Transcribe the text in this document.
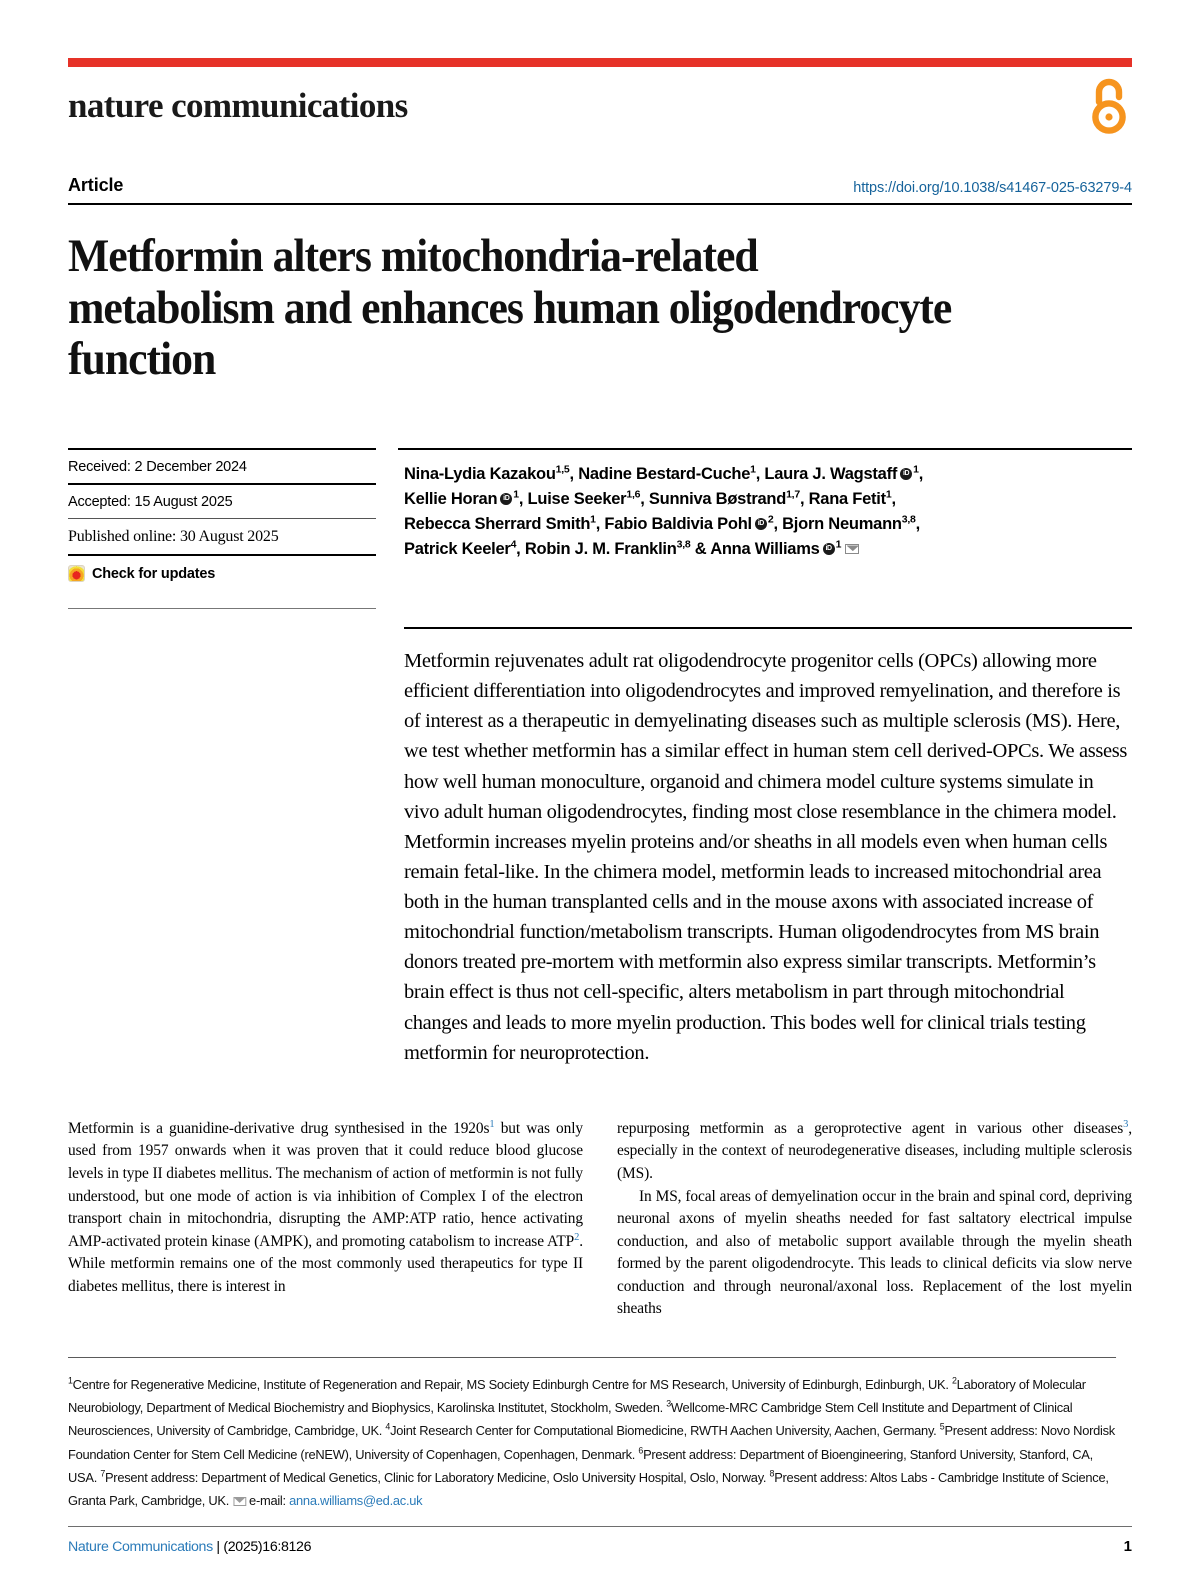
nature communications
Article	https://doi.org/10.1038/s41467-025-63279-4
Metformin alters mitochondria-related metabolism and enhances human oligodendrocyte function
Received: 2 December 2024
Accepted: 15 August 2025
Published online: 30 August 2025
Check for updates
Nina-Lydia Kazakou$^{1,5}$, Nadine Bestard-Cuche$^1$, Laura J. Wagstaff iD $^1$,
Kellie Horan iD $^1$, Luise Seeker$^{1,6}$, Sunniva Bøstrand$^{1,7}$, Rana Fetit$^1$,
Rebecca Sherrard Smith$^1$, Fabio Baldivia Pohl iD $^2$, Bjorn Neumann$^{3,8}$,
Patrick Keeler$^4$, Robin J. M. Franklin$^{3,8}$ & Anna Williams iD $^1$
Metformin rejuvenates adult rat oligodendrocyte progenitor cells (OPCs) allowing more efficient differentiation into oligodendrocytes and improved remyelination, and therefore is of interest as a therapeutic in demyelinating diseases such as multiple sclerosis (MS). Here, we test whether metformin has a similar effect in human stem cell derived-OPCs. We assess how well human monoculture, organoid and chimera model culture systems simulate in vivo adult human oligodendrocytes, finding most close resemblance in the chimera model. Metformin increases myelin proteins and/or sheaths in all models even when human cells remain fetal-like. In the chimera model, metformin leads to increased mitochondrial area both in the human transplanted cells and in the mouse axons with associated increase of mitochondrial function/metabolism transcripts. Human oligodendrocytes from MS brain donors treated pre-mortem with metformin also express similar transcripts. Metformin’s brain effect is thus not cell-specific, alters metabolism in part through mitochondrial changes and leads to more myelin production. This bodes well for clinical trials testing metformin for neuroprotection.

Metformin is a guanidine-derivative drug synthesised in the 1920s$^1$ but was only used from 1957 onwards when it was proven that it could reduce blood glucose levels in type II diabetes mellitus. The mechanism of action of metformin is not fully understood, but one mode of action is via inhibition of Complex I of the electron transport chain in mitochondria, disrupting the AMP:ATP ratio, hence activating AMP-activated protein kinase (AMPK), and promoting catabolism to increase ATP$^2$. While metformin remains one of the most commonly used therapeutics for type II diabetes mellitus, there is interest in

repurposing metformin as a geroprotective agent in various other diseases$^3$, especially in the context of neurodegenerative diseases, including multiple sclerosis (MS).

In MS, focal areas of demyelination occur in the brain and spinal cord, depriving neuronal axons of myelin sheaths needed for fast saltatory electrical impulse conduction, and also of metabolic support available through the myelin sheath formed by the parent oligodendrocyte. This leads to clinical deficits via slow nerve conduction and through neuronal/axonal loss. Replacement of the lost myelin sheaths

$^1$Centre for Regenerative Medicine, Institute of Regeneration and Repair, MS Society Edinburgh Centre for MS Research, University of Edinburgh, Edinburgh, UK. $^2$Laboratory of Molecular Neurobiology, Department of Medical Biochemistry and Biophysics, Karolinska Institutet, Stockholm, Sweden. $^3$Wellcome-MRC Cambridge Stem Cell Institute and Department of Clinical Neurosciences, University of Cambridge, Cambridge, UK. $^4$Joint Research Center for Computational Biomedicine, RWTH Aachen University, Aachen, Germany. $^5$Present address: Novo Nordisk Foundation Center for Stem Cell Medicine (reNEW), University of Copenhagen, Copenhagen, Denmark. $^6$Present address: Department of Bioengineering, Stanford University, Stanford, CA, USA. $^7$Present address: Department of Medical Genetics, Clinic for Laboratory Medicine, Oslo University Hospital, Oslo, Norway. $^8$Present address: Altos Labs - Cambridge Institute of Science, Granta Park, Cambridge, UK. e-mail: anna.williams@ed.ac.uk
Nature Communications | (2025)16:8126	1
